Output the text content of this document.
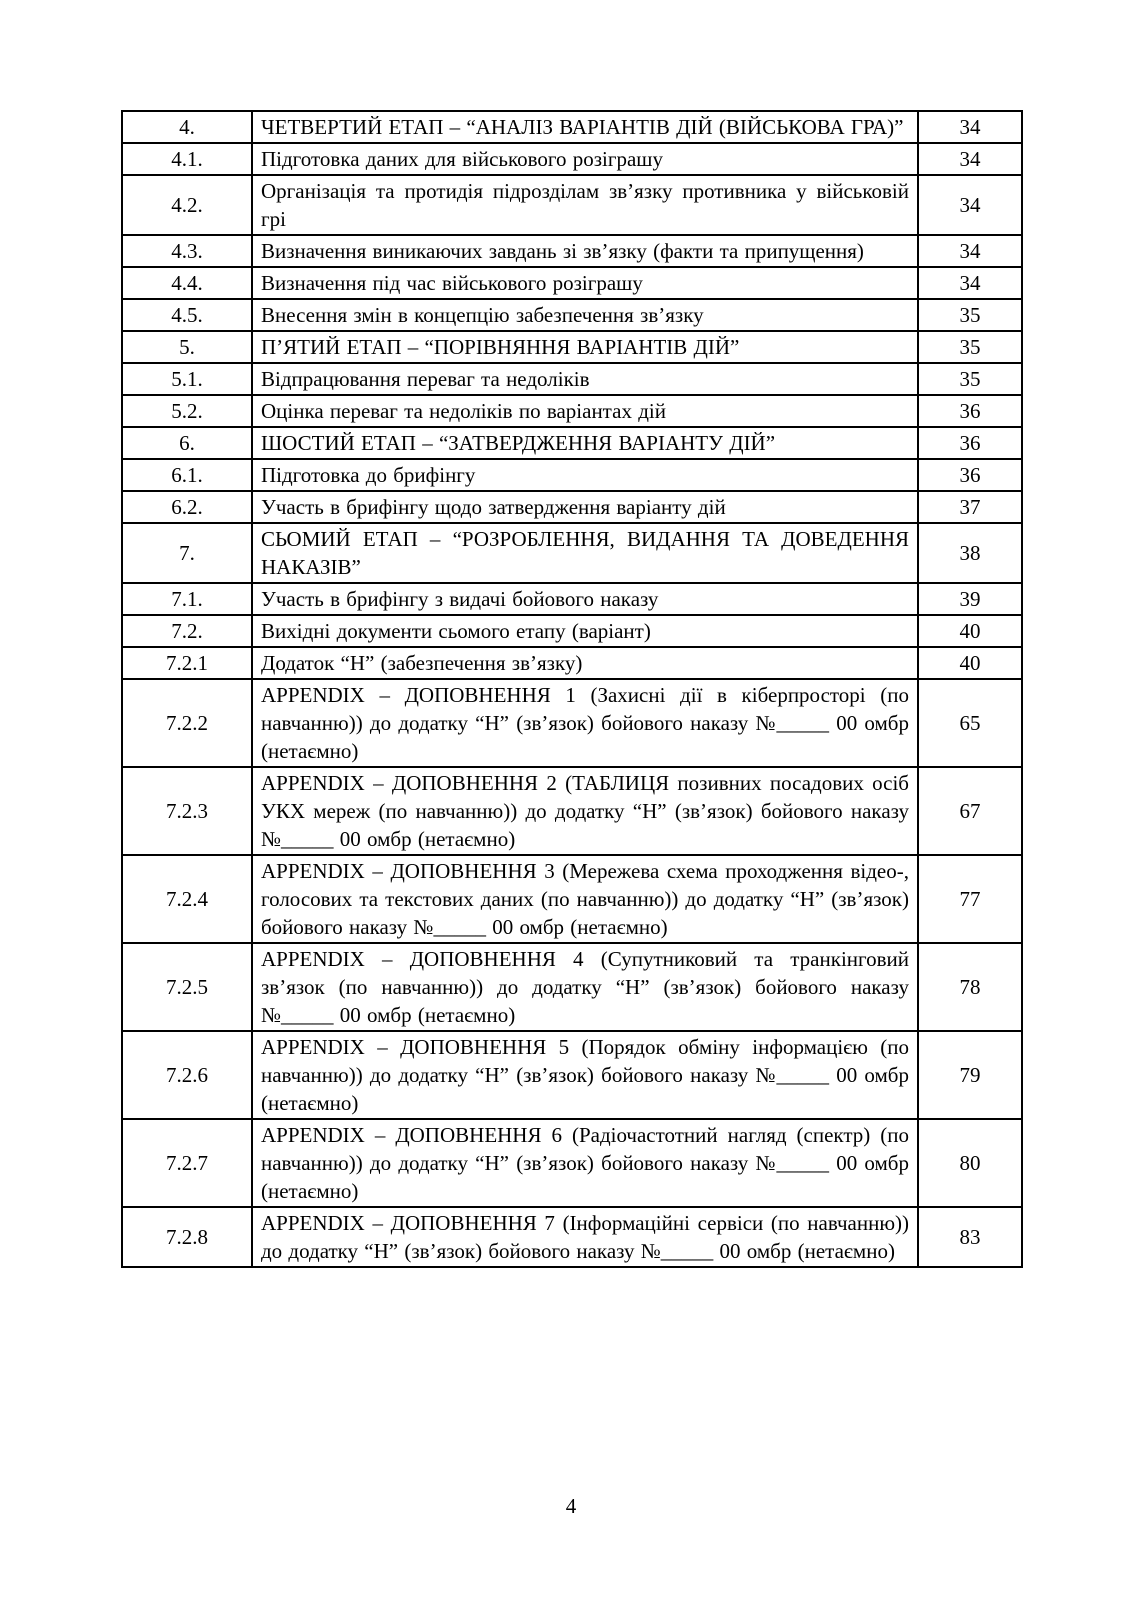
4.	ЧЕТВЕРТИЙ ЕТАП – “АНАЛІЗ ВАРІАНТІВ ДІЙ (ВІЙСЬКОВА ГРА)”	34
4.1.	Підготовка даних для військового розіграшу	34
4.2.	Організація та протидія підрозділам зв’язку противника у військовій грі	34
4.3.	Визначення виникаючих завдань зі зв’язку (факти та припущення)	34
4.4.	Визначення під час військового розіграшу	34
4.5.	Внесення змін в концепцію забезпечення зв’язку	35
5.	П’ЯТИЙ ЕТАП – “ПОРІВНЯННЯ ВАРІАНТІВ ДІЙ”	35
5.1.	Відпрацювання переваг та недоліків	35
5.2.	Оцінка переваг та недоліків по варіантах дій	36
6.	ШОСТИЙ ЕТАП – “ЗАТВЕРДЖЕННЯ ВАРІАНТУ ДІЙ”	36
6.1.	Підготовка до брифінгу	36
6.2.	Участь в брифінгу щодо затвердження варіанту дій	37
7.	СЬОМИЙ ЕТАП – “РОЗРОБЛЕННЯ, ВИДАННЯ ТА ДОВЕДЕННЯ НАКАЗІВ”	38
7.1.	Участь в брифінгу з видачі бойового наказу	39
7.2.	Вихідні документи сьомого етапу (варіант)	40
7.2.1	Додаток “Н” (забезпечення зв’язку)	40
7.2.2	APPENDIX – ДОПОВНЕННЯ 1 (Захисні дії в кіберпросторі (по навчанню)) до додатку “Н” (зв’язок) бойового наказу №_____ 00 омбр (нетаємно)	65
7.2.3	APPENDIX – ДОПОВНЕННЯ 2 (ТАБЛИЦЯ позивних посадових осіб УКХ мереж (по навчанню)) до додатку “Н” (зв’язок) бойового наказу №_____ 00 омбр (нетаємно)	67
7.2.4	APPENDIX – ДОПОВНЕННЯ 3 (Мережева схема проходження відео-, голосових та текстових даних (по навчанню)) до додатку “Н” (зв’язок) бойового наказу №_____ 00 омбр (нетаємно)	77
7.2.5	APPENDIX – ДОПОВНЕННЯ 4 (Супутниковий та транкінговий зв’язок (по навчанню)) до додатку “Н” (зв’язок) бойового наказу №_____ 00 омбр (нетаємно)	78
7.2.6	APPENDIX – ДОПОВНЕННЯ 5 (Порядок обміну інформацією (по навчанню)) до додатку “Н” (зв’язок) бойового наказу №_____ 00 омбр (нетаємно)	79
7.2.7	APPENDIX – ДОПОВНЕННЯ 6 (Радіочастотний нагляд (спектр) (по навчанню)) до додатку “Н” (зв’язок) бойового наказу №_____ 00 омбр (нетаємно)	80
7.2.8	APPENDIX – ДОПОВНЕННЯ 7 (Інформаційні сервіси (по навчанню)) до додатку “Н” (зв’язок) бойового наказу №_____ 00 омбр (нетаємно)	83
4
